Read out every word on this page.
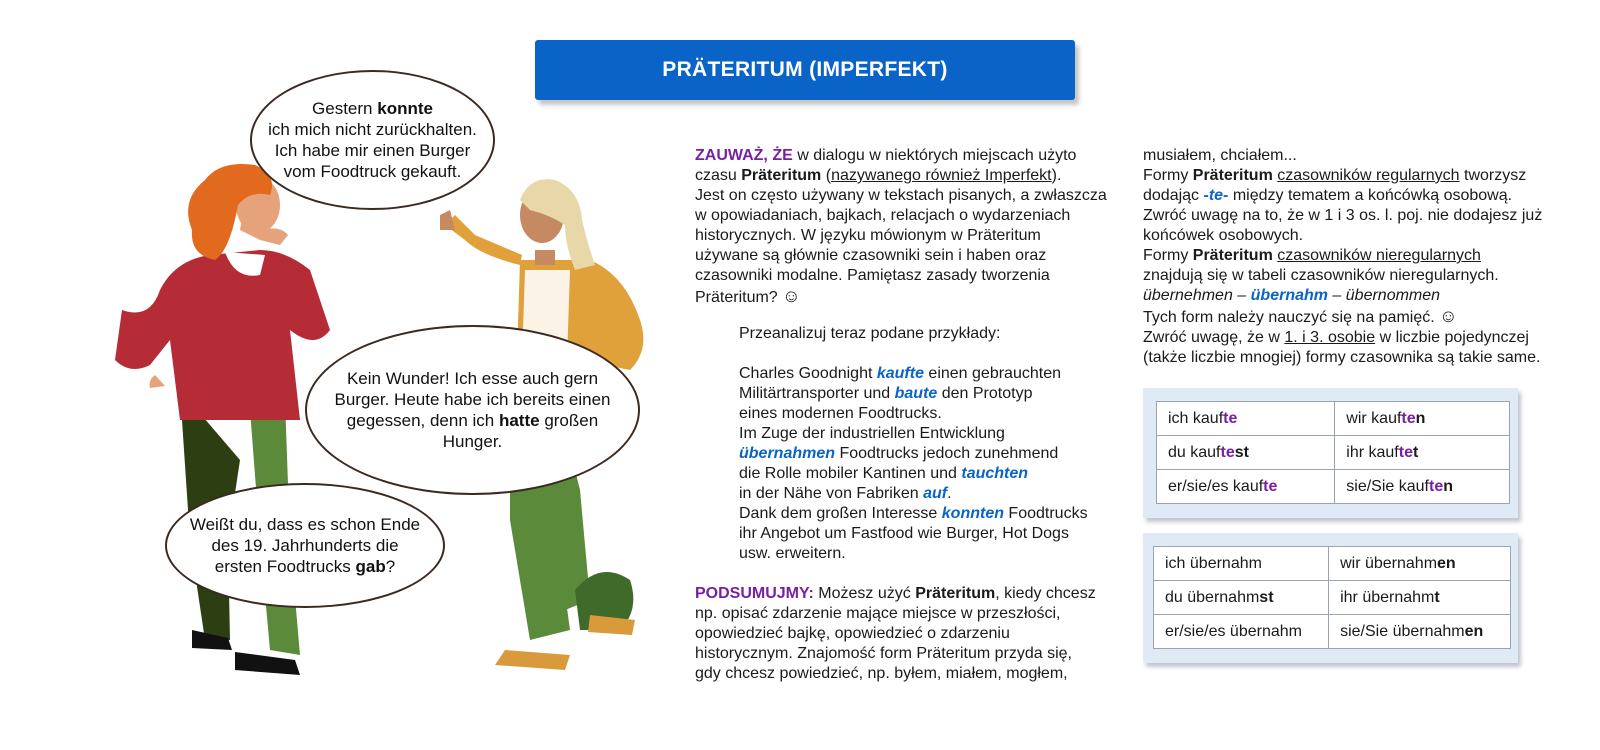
PRÄTERITUM (IMPERFEKT)
Gestern konnte
ich mich nicht zurückhalten. Ich habe mir einen Burger vom Foodtruck gekauft.
Kein Wunder! Ich esse auch gern Burger. Heute habe ich bereits einen gegessen, denn ich hatte großen Hunger.
Weißt du, dass es schon Ende des 19. Jahrhunderts die ersten Foodtrucks gab?
ZAUWAŻ, ŻE w dialogu w niektórych miejscach użyto
czasu Präteritum (nazywanego również Imperfekt).
Jest on często używany w tekstach pisanych, a zwłaszcza
w opowiadaniach, bajkach, relacjach o wydarzeniach
historycznych. W języku mówionym w Präteritum
używane są głównie czasowniki sein i haben oraz
czasowniki modalne. Pamiętasz zasady tworzenia
Präteritum? ☺
Przeanalizuj teraz podane przykłady:
Charles Goodnight kaufte einen gebrauchten
Militärtransporter und baute den Prototyp
eines modernen Foodtrucks.
Im Zuge der industriellen Entwicklung
übernahmen Foodtrucks jedoch zunehmend
die Rolle mobiler Kantinen und tauchten
in der Nähe von Fabriken auf.
Dank dem großen Interesse konnten Foodtrucks
ihr Angebot um Fastfood wie Burger, Hot Dogs
usw. erweitern.
PODSUMUJMY: Możesz użyć Präteritum, kiedy chcesz
np. opisać zdarzenie mające miejsce w przeszłości,
opowiedzieć bajkę, opowiedzieć o zdarzeniu
historycznym. Znajomość form Präteritum przyda się,
gdy chcesz powiedzieć, np. byłem, miałem, mogłem,
musiałem, chciałem...
Formy Präteritum czasowników regularnych tworzysz
dodając -te- między tematem a końcówką osobową.
Zwróć uwagę na to, że w 1 i 3 os. l. poj. nie dodajesz już
końcówek osobowych.
Formy Präteritum czasowników nieregularnych
znajdują się w tabeli czasowników nieregularnych.
übernehmen – übernahm – übernommen
Tych form należy nauczyć się na pamięć. ☺
Zwróć uwagę, że w 1. i 3. osobie w liczbie pojedynczej
(także liczbie mnogiej) formy czasownika są takie same.
ich kaufte	wir kauften
du kauftest	ihr kauftet
er/sie/es kaufte	sie/Sie kauften
ich übernahm	wir übernahmen
du übernahmst	ihr übernahmt
er/sie/es übernahm	sie/Sie übernahmen
